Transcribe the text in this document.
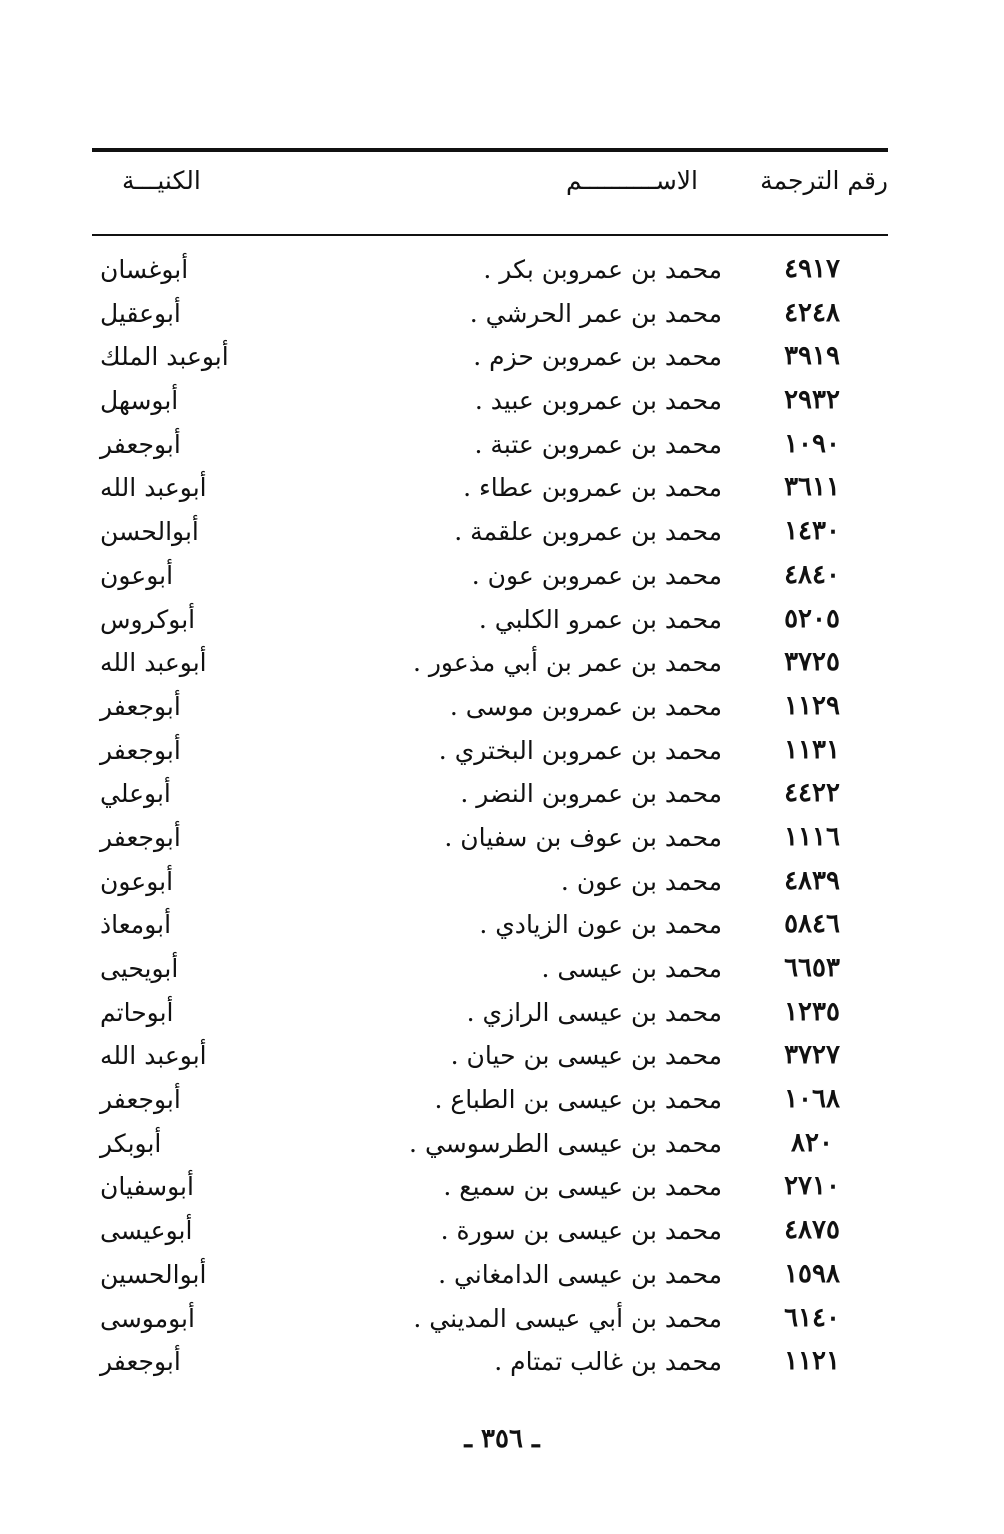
رقم الترجمة
الاســــــــــم
الكنيـــة
٤٩١٧
محمد بن عمروبن بكر .
أبوغسان
٤٢٤٨
محمد بن عمر الحرشي .
أبوعقيل
٣٩١٩
محمد بن عمروبن حزم .
أبوعبد الملك
٢٩٣٢
محمد بن عمروبن عبيد .
أبوسهل
١٠٩٠
محمد بن عمروبن عتبة .
أبوجعفر
٣٦١١
محمد بن عمروبن عطاء .
أبوعبد الله
١٤٣٠
محمد بن عمروبن علقمة .
أبوالحسن
٤٨٤٠
محمد بن عمروبن عون .
أبوعون
٥٢٠٥
محمد بن عمرو الكلبي .
أبوكروس
٣٧٢٥
محمد بن عمر بن أبي مذعور .
أبوعبد الله
١١٢٩
محمد بن عمروبن موسى .
أبوجعفر
١١٣١
محمد بن عمروبن البختري .
أبوجعفر
٤٤٢٢
محمد بن عمروبن النضر .
أبوعلي
١١١٦
محمد بن عوف بن سفيان .
أبوجعفر
٤٨٣٩
محمد بن عون .
أبوعون
٥٨٤٦
محمد بن عون الزيادي .
أبومعاذ
٦٦٥٣
محمد بن عيسى .
أبويحيى
١٢٣٥
محمد بن عيسى الرازي .
أبوحاتم
٣٧٢٧
محمد بن عيسى بن حيان .
أبوعبد الله
١٠٦٨
محمد بن عيسى بن الطباع .
أبوجعفر
٨٢٠
محمد بن عيسى الطرسوسي .
أبوبكر
٢٧١٠
محمد بن عيسى بن سميع .
أبوسفيان
٤٨٧٥
محمد بن عيسى بن سورة .
أبوعيسى
١٥٩٨
محمد بن عيسى الدامغاني .
أبوالحسين
٦١٤٠
محمد بن أبي عيسى المديني .
أبوموسى
١١٢١
محمد بن غالب تمتام .
أبوجعفر
ـ ٣٥٦ ـ
